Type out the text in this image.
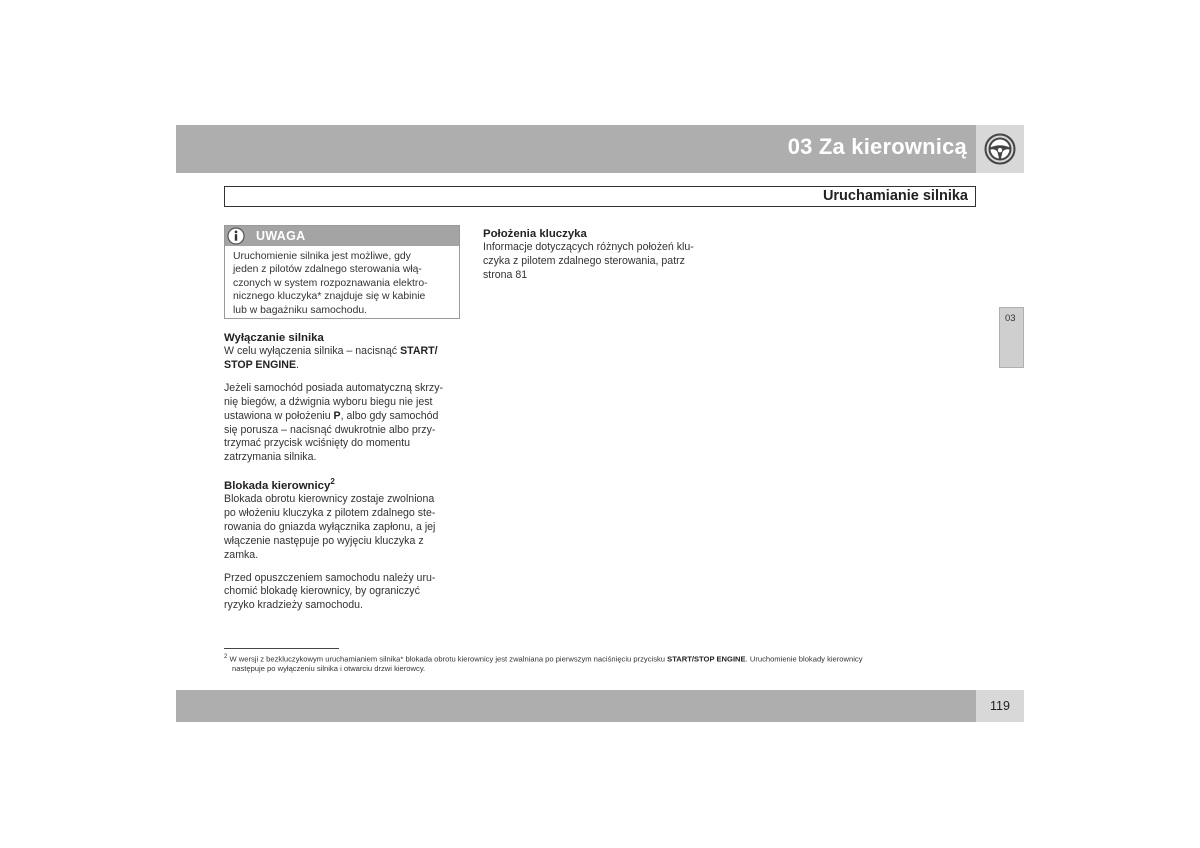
03 Za kierownicą
Uruchamianie silnika
UWAGA
Uruchomienie silnika jest możliwe, gdy
jeden z pilotów zdalnego sterowania włą-
czonych w system rozpoznawania elektro-
nicznego kluczyka* znajduje się w kabinie
lub w bagażniku samochodu.
Wyłączanie silnika

W celu wyłączenia silnika – nacisnąć START/
STOP ENGINE.

Jeżeli samochód posiada automatyczną skrzy-
nię biegów, a dźwignia wyboru biegu nie jest
ustawiona w położeniu P, albo gdy samochód
się porusza – nacisnąć dwukrotnie albo przy-
trzymać przycisk wciśnięty do momentu
zatrzymania silnika.

Blokada kierownicy$^2$

Blokada obrotu kierownicy zostaje zwolniona
po włożeniu kluczyka z pilotem zdalnego ste-
rowania do gniazda wyłącznika zapłonu, a jej
włączenie następuje po wyjęciu kluczyka z
zamka.

Przed opuszczeniem samochodu należy uru-
chomić blokadę kierownicy, by ograniczyć
ryzyko kradzieży samochodu.

Położenia kluczyka

Informacje dotyczących różnych położeń klu-
czyka z pilotem zdalnego sterowania, patrz
strona 81

03
$^2$ W wersji z bezkluczykowym uruchamianiem silnika* blokada obrotu kierownicy jest zwalniana po pierwszym naciśnięciu przycisku START/STOP ENGINE. Uruchomienie blokady kierownicy
następuje po wyłączeniu silnika i otwarciu drzwi kierowcy.
119
